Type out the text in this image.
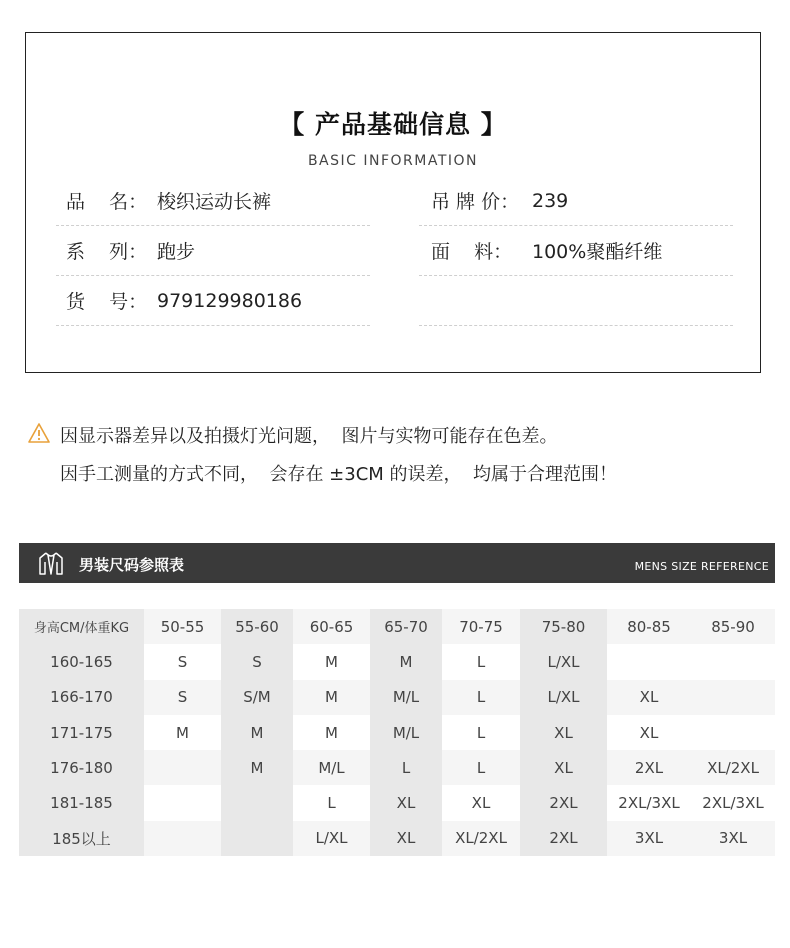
【 产品基础信息 】
BASIC INFORMATION
品    名： 梭织运动长裤
系    列： 跑步
货    号： 979129980186
吊 牌 价： 239
面    料：	100%聚酯纤维
因显示器差异以及拍摄灯光问题，  图片与实物可能存在色差。
因手工测量的方式不同，  会存在 ±3CM 的误差，  均属于合理范围！
男装尺码参照表	MENS SIZE REFERENCE
身高CM/体重KG	50-55	55-60	60-65	65-70	70-75	75-80	80-85	85-90
160-165	S	S	M	M	L	L/XL		
166-170	S	S/M	M	M/L	L	L/XL	XL	
171-175	M	M	M	M/L	L	XL	XL	
176-180		M	M/L	L	L	XL	2XL	XL/2XL
181-185			L	XL	XL	2XL	2XL/3XL	2XL/3XL
185以上			L/XL	XL	XL/2XL	2XL	3XL	3XL
